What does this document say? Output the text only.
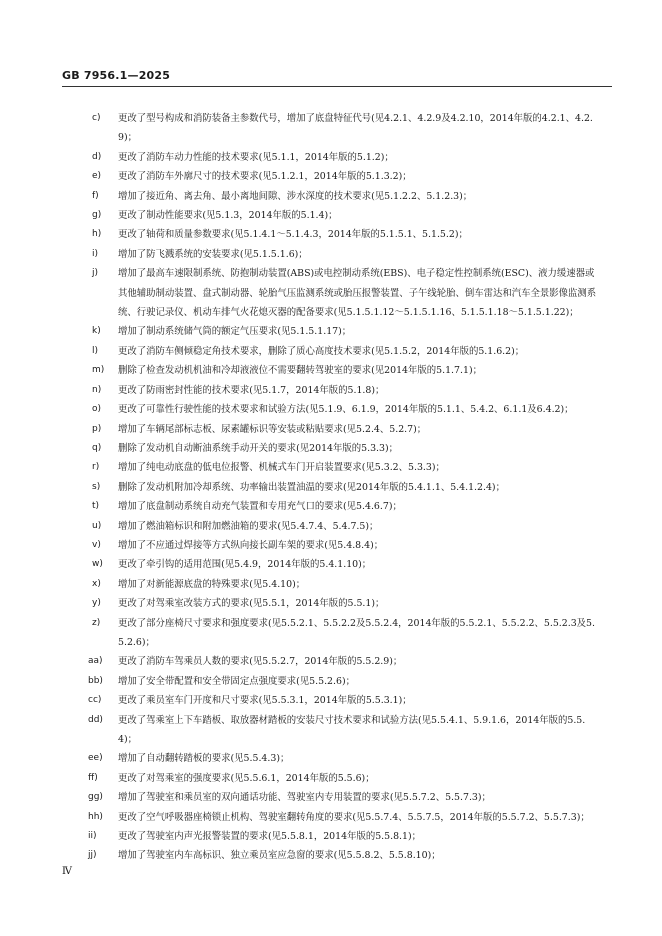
GB 7956.1—2025
c) 更改了型号构成和消防装备主参数代号，增加了底盘特征代号(见4.2.1、4.2.9及4.2.10，2014年版的4.2.1、4.2.9)；
d) 更改了消防车动力性能的技术要求(见5.1.1，2014年版的5.1.2)；
e) 更改了消防车外廓尺寸的技术要求(见5.1.2.1，2014年版的5.1.3.2)；
f) 增加了接近角、离去角、最小离地间隙、涉水深度的技术要求(见5.1.2.2、5.1.2.3)；
g) 更改了制动性能要求(见5.1.3，2014年版的5.1.4)；
h) 更改了轴荷和质量参数要求(见5.1.4.1～5.1.4.3，2014年版的5.1.5.1、5.1.5.2)；
i) 增加了防飞溅系统的安装要求(见5.1.5.1.6)；
j) 增加了最高车速限制系统、防抱制动装置(ABS)或电控制动系统(EBS)、电子稳定性控制系统(ESC)、液力缓速器或其他辅助制动装置、盘式制动器、轮胎气压监测系统或胎压报警装置、子午线轮胎、倒车雷达和汽车全景影像监测系统、行驶记录仪、机动车排气火花熄灭器的配备要求(见5.1.5.1.12～5.1.5.1.16、5.1.5.1.18～5.1.5.1.22)；
k) 增加了制动系统储气筒的额定气压要求(见5.1.5.1.17)；
l) 更改了消防车侧倾稳定角技术要求，删除了质心高度技术要求(见5.1.5.2，2014年版的5.1.6.2)；
m) 删除了检查发动机机油和冷却液液位不需要翻转驾驶室的要求(见2014年版的5.1.7.1)；
n) 更改了防雨密封性能的技术要求(见5.1.7，2014年版的5.1.8)；
o) 更改了可靠性行驶性能的技术要求和试验方法(见5.1.9、6.1.9，2014年版的5.1.1、5.4.2、6.1.1及6.4.2)；
p) 增加了车辆尾部标志板、尿素罐标识等安装或粘贴要求(见5.2.4、5.2.7)；
q) 删除了发动机自动断油系统手动开关的要求(见2014年版的5.3.3)；
r) 增加了纯电动底盘的低电位报警、机械式车门开启装置要求(见5.3.2、5.3.3)；
s) 删除了发动机附加冷却系统、功率输出装置油温的要求(见2014年版的5.4.1.1、5.4.1.2.4)；
t) 增加了底盘制动系统自动充气装置和专用充气口的要求(见5.4.6.7)；
u) 增加了燃油箱标识和附加燃油箱的要求(见5.4.7.4、5.4.7.5)；
v) 增加了不应通过焊接等方式纵向接长副车架的要求(见5.4.8.4)；
w) 更改了牵引钩的适用范围(见5.4.9，2014年版的5.4.1.10)；
x) 增加了对新能源底盘的特殊要求(见5.4.10)；
y) 更改了对驾乘室改装方式的要求(见5.5.1，2014年版的5.5.1)；
z) 更改了部分座椅尺寸要求和强度要求(见5.5.2.1、5.5.2.2及5.5.2.4，2014年版的5.5.2.1、5.5.2.2、5.5.2.3及5.5.2.6)；
aa) 更改了消防车驾乘员人数的要求(见5.5.2.7，2014年版的5.5.2.9)；
bb) 增加了安全带配置和安全带固定点强度要求(见5.5.2.6)；
cc) 更改了乘员室车门开度和尺寸要求(见5.5.3.1，2014年版的5.5.3.1)；
dd) 更改了驾乘室上下车踏板、取放器材踏板的安装尺寸技术要求和试验方法(见5.5.4.1、5.9.1.6，2014年版的5.5.4)；
ee) 增加了自动翻转踏板的要求(见5.5.4.3)；
ff) 更改了对驾乘室的强度要求(见5.5.6.1，2014年版的5.5.6)；
gg) 增加了驾驶室和乘员室的双向通话功能、驾驶室内专用装置的要求(见5.5.7.2、5.5.7.3)；
hh) 更改了空气呼吸器座椅锁止机构、驾驶室翻转角度的要求(见5.5.7.4、5.5.7.5，2014年版的5.5.7.2、5.5.7.3)；
ii) 更改了驾驶室内声光报警装置的要求(见5.5.8.1，2014年版的5.5.8.1)；
jj) 增加了驾驶室内车高标识、独立乘员室应急窗的要求(见5.5.8.2、5.5.8.10)；
Ⅳ
